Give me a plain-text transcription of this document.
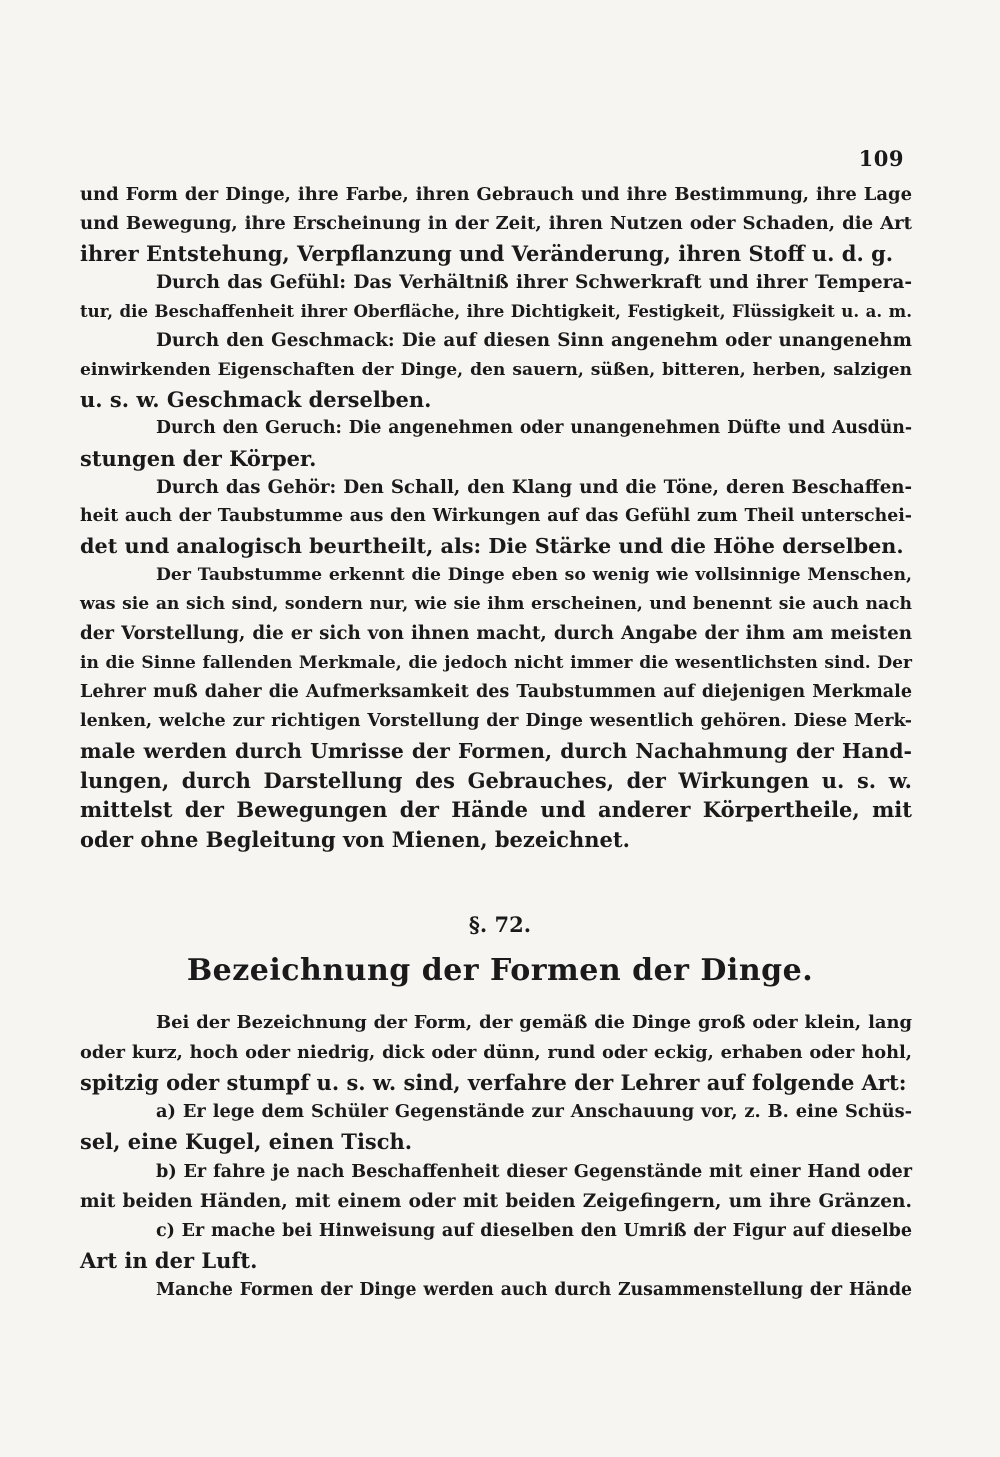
109
und Form der Dinge, ihre Farbe, ihren Gebrauch und ihre Bestimmung, ihre Lage
und Bewegung, ihre Erscheinung in der Zeit, ihren Nutzen oder Schaden, die Art
ihrer Entstehung, Verpflanzung und Veränderung, ihren Stoff u. d. g.
Durch das Gefühl: Das Verhältniß ihrer Schwerkraft und ihrer Tempera-
tur, die Beschaffenheit ihrer Oberfläche, ihre Dichtigkeit, Festigkeit, Flüssigkeit u. a. m.
Durch den Geschmack: Die auf diesen Sinn angenehm oder unangenehm
einwirkenden Eigenschaften der Dinge, den sauern, süßen, bitteren, herben, salzigen
u. s. w. Geschmack derselben.
Durch den Geruch: Die angenehmen oder unangenehmen Düfte und Ausdün-
stungen der Körper.
Durch das Gehör: Den Schall, den Klang und die Töne, deren Beschaffen-
heit auch der Taubstumme aus den Wirkungen auf das Gefühl zum Theil unterschei-
det und analogisch beurtheilt, als: Die Stärke und die Höhe derselben.
Der Taubstumme erkennt die Dinge eben so wenig wie vollsinnige Menschen,
was sie an sich sind, sondern nur, wie sie ihm erscheinen, und benennt sie auch nach
der Vorstellung, die er sich von ihnen macht, durch Angabe der ihm am meisten
in die Sinne fallenden Merkmale, die jedoch nicht immer die wesentlichsten sind. Der
Lehrer muß daher die Aufmerksamkeit des Taubstummen auf diejenigen Merkmale
lenken, welche zur richtigen Vorstellung der Dinge wesentlich gehören. Diese Merk-
male werden durch Umrisse der Formen, durch Nachahmung der Hand-
lungen, durch Darstellung des Gebrauches, der Wirkungen u. s. w.
mittelst der Bewegungen der Hände und anderer Körpertheile, mit
oder ohne Begleitung von Mienen, bezeichnet.
§. 72.
Bezeichnung der Formen der Dinge.
Bei der Bezeichnung der Form, der gemäß die Dinge groß oder klein, lang
oder kurz, hoch oder niedrig, dick oder dünn, rund oder eckig, erhaben oder hohl,
spitzig oder stumpf u. s. w. sind, verfahre der Lehrer auf folgende Art:
a) Er lege dem Schüler Gegenstände zur Anschauung vor, z. B. eine Schüs-
sel, eine Kugel, einen Tisch.
b) Er fahre je nach Beschaffenheit dieser Gegenstände mit einer Hand oder
mit beiden Händen, mit einem oder mit beiden Zeigefingern, um ihre Gränzen.
c) Er mache bei Hinweisung auf dieselben den Umriß der Figur auf dieselbe
Art in der Luft.
Manche Formen der Dinge werden auch durch Zusammenstellung der Hände
